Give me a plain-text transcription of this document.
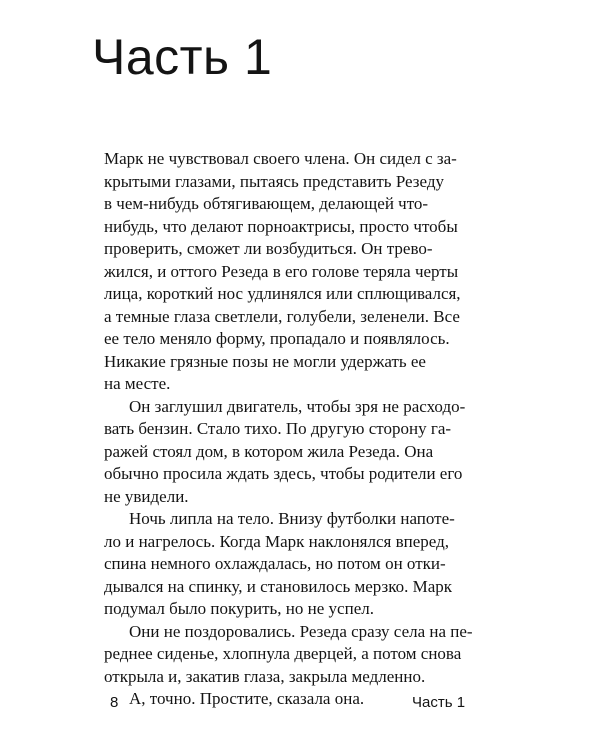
Часть 1
Марк не чувствовал своего члена. Он сидел с за-
крытыми глазами, пытаясь представить Резеду
в чем-нибудь обтягивающем, делающей что-
нибудь, что делают порноактрисы, просто чтобы
проверить, сможет ли возбудиться. Он трево-
жился, и оттого Резеда в его голове теряла черты
лица, короткий нос удлинялся или сплющивался,
а темные глаза светлели, голубели, зеленели. Все
ее тело меняло форму, пропадало и появлялось.
Никакие грязные позы не могли удержать ее
на месте.
Он заглушил двигатель, чтобы зря не расходо-
вать бензин. Стало тихо. По другую сторону га-
ражей стоял дом, в котором жила Резеда. Она
обычно просила ждать здесь, чтобы родители его
не увидели.
Ночь липла на тело. Внизу футболки напоте-
ло и нагрелось. Когда Марк наклонялся вперед,
спина немного охлаждалась, но потом он отки-
дывался на спинку, и становилось мерзко. Марк
подумал было покурить, но не успел.
Они не поздоровались. Резеда сразу села на пе-
реднее сиденье, хлопнула дверцей, а потом снова
открыла и, закатив глаза, закрыла медленно.
А, точно. Простите, сказала она.
8	Часть 1
